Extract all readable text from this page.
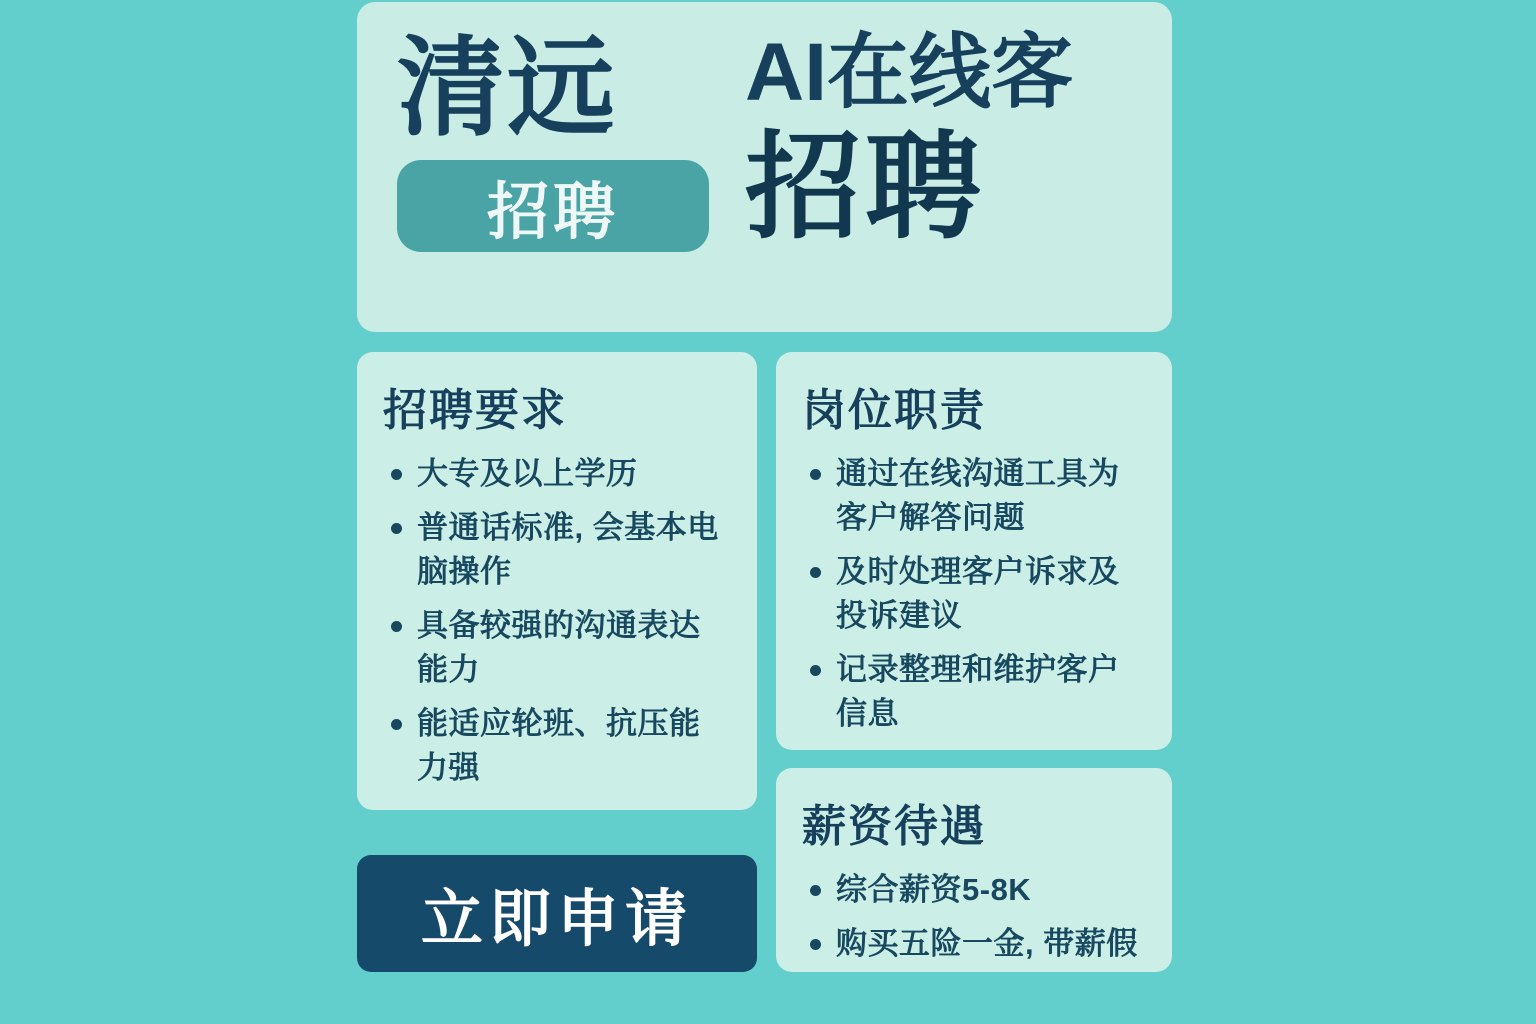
清远
招聘
AI在线客
招聘
招聘要求
大专及以上学历
普通话标准, 会基本电脑操作
具备较强的沟通表达能力
能适应轮班、抗压能力强
岗位职责
通过在线沟通工具为客户解答问题
及时处理客户诉求及投诉建议
记录整理和维护客户信息
薪资待遇
综合薪资5-8K
购买五险一金, 带薪假
立即申请
